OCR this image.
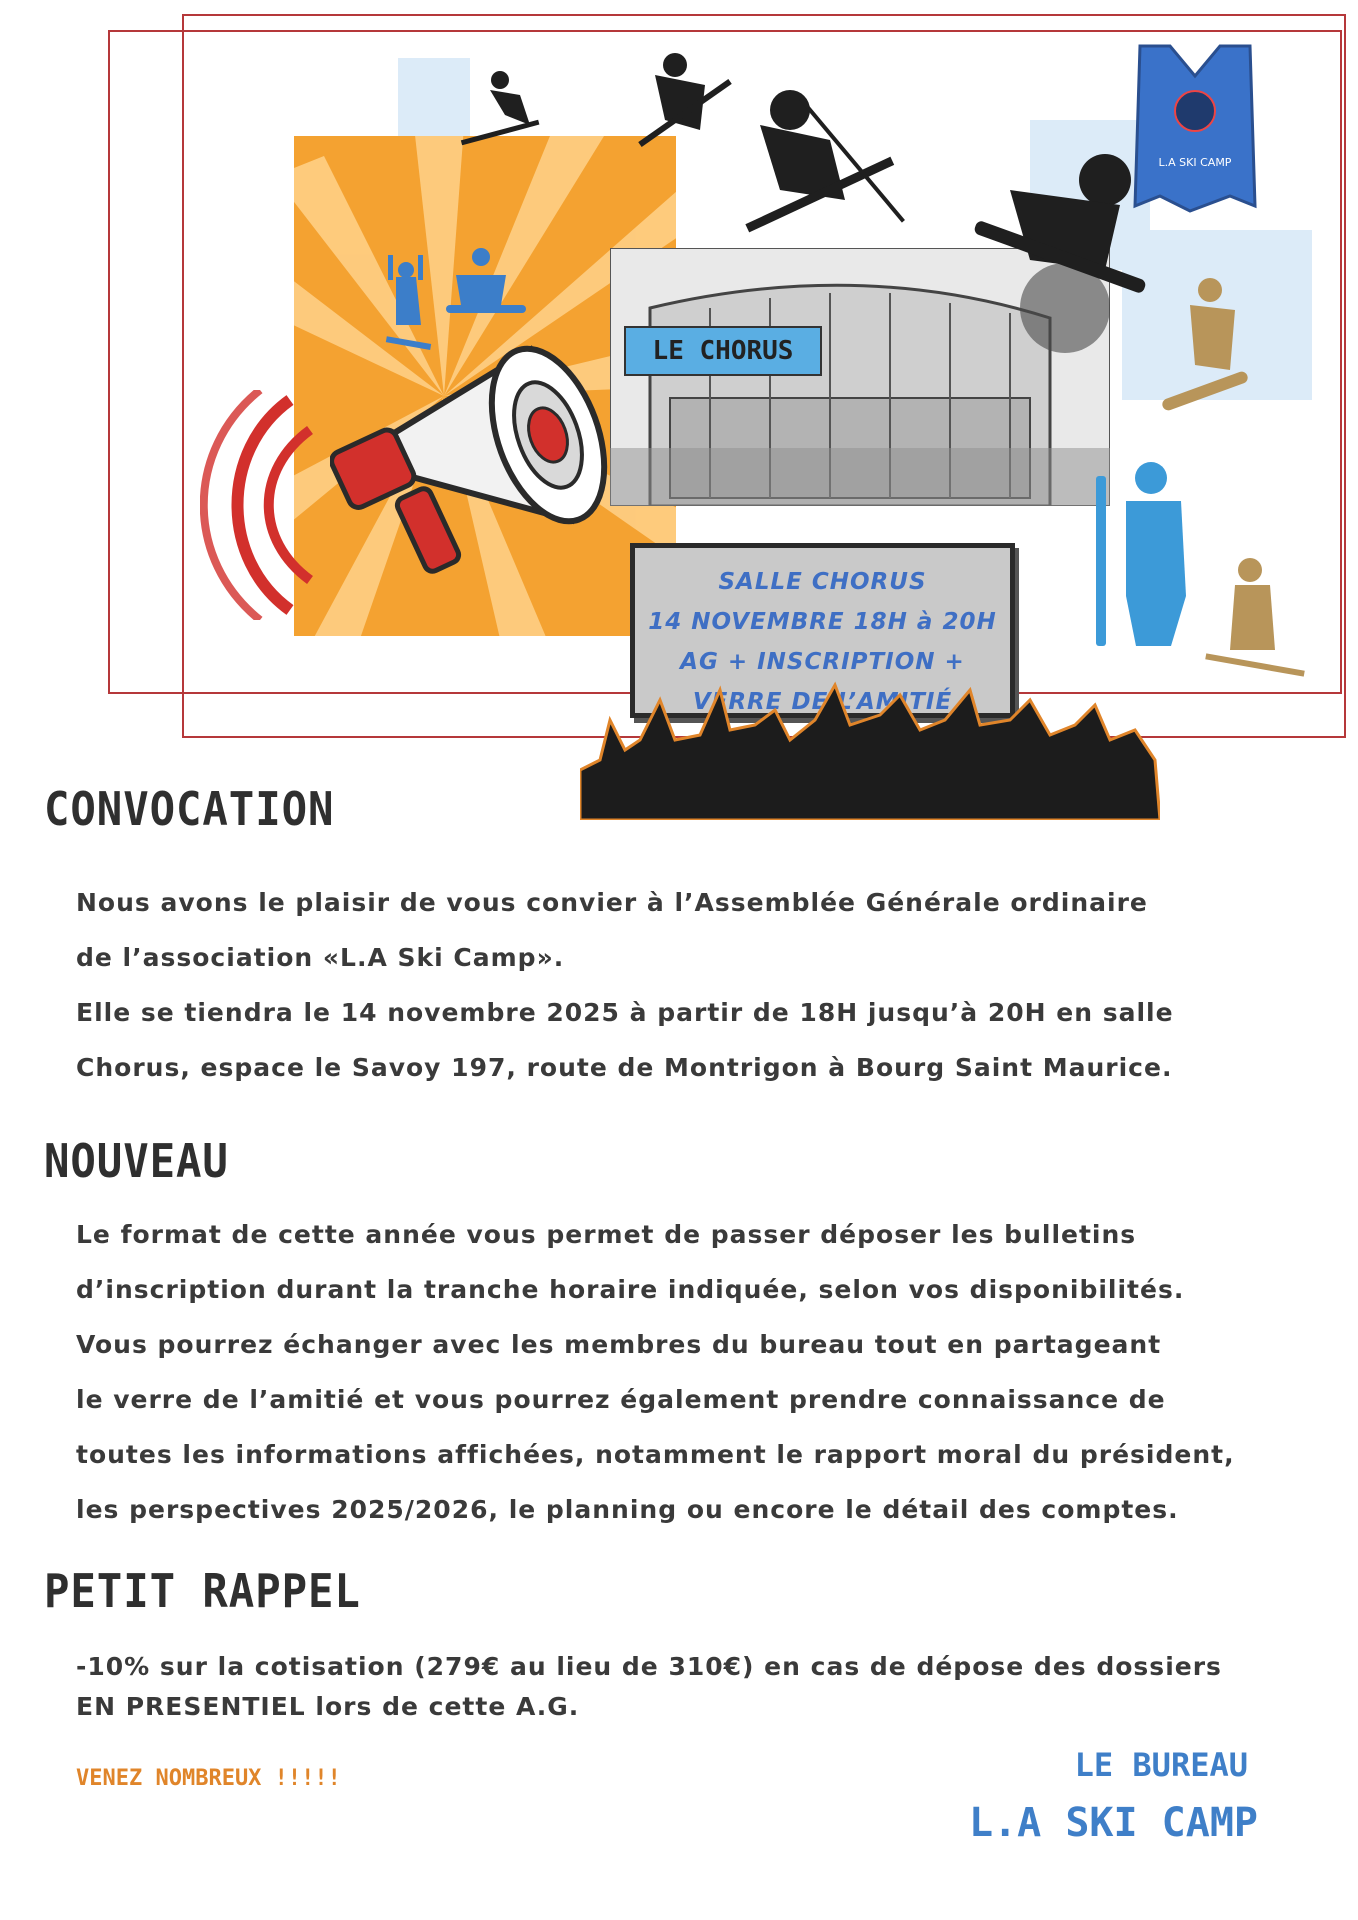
LE CHORUS
SALLE CHORUS
14 NOVEMBRE 18H à 20H
AG + INSCRIPTION +
VERRE DE L’AMITIÉ
L.A SKI CAMP
CONVOCATION
Nous avons le plaisir de vous convier à l’Assemblée Générale ordinaire
de l’association «L.A Ski Camp».
Elle se tiendra le 14 novembre 2025 à partir de 18H jusqu’à 20H en salle
Chorus, espace le Savoy 197, route de Montrigon à Bourg Saint Maurice.
NOUVEAU
Le format de cette année vous permet de passer déposer les bulletins
d’inscription durant la tranche horaire indiquée, selon vos disponibilités.
Vous pourrez échanger avec les membres du bureau tout en partageant
le verre de l’amitié et vous pourrez également prendre connaissance de
toutes les informations affichées, notamment le rapport moral du président,
les perspectives 2025/2026, le planning ou encore le détail des comptes.
PETIT RAPPEL
-10% sur la cotisation (279€ au lieu de 310€) en cas de dépose des dossiers
EN PRESENTIEL lors de cette A.G.
VENEZ NOMBREUX !!!!!	LE BUREAU
L.A SKI CAMP
